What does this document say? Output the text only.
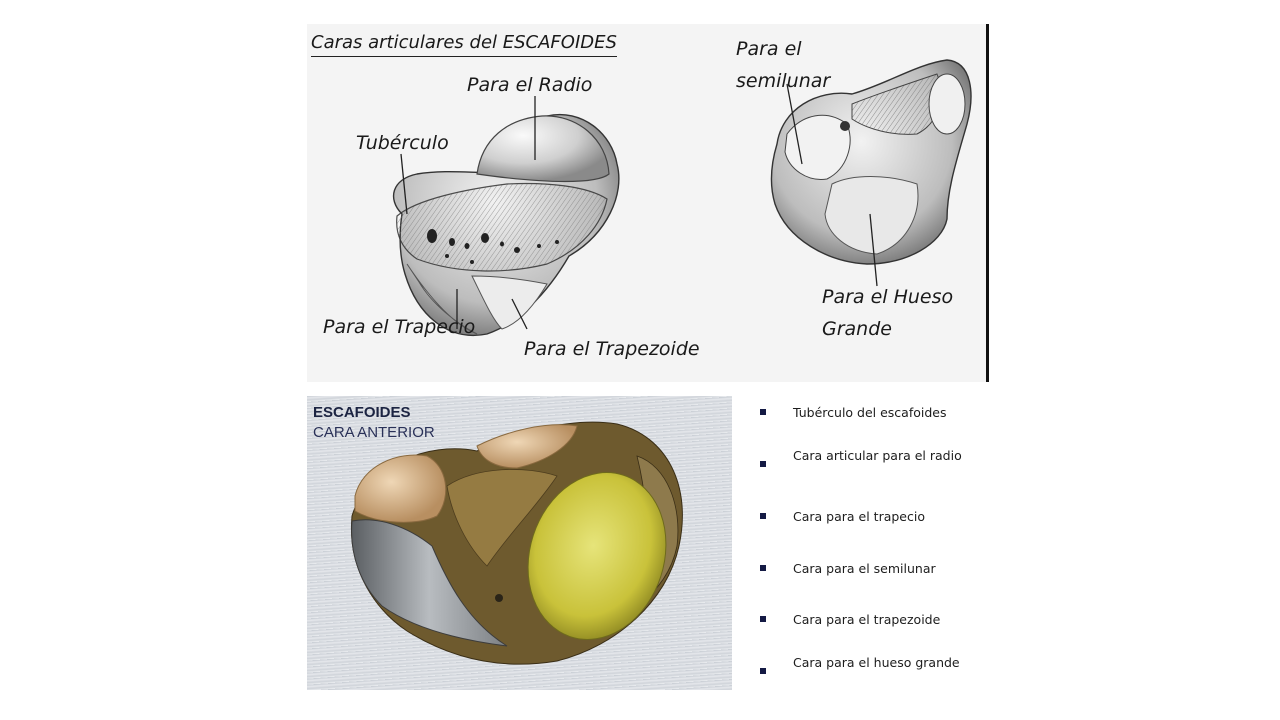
Caras articulares del ESCAFOIDES
Para el Radio
Tubérculo
Para el Trapecio
Para el Trapezoide
Para el
semilunar
Para el Hueso
Grande
ESCAFOIDES
CARA ANTERIOR
Tubérculo del escafoides
Cara articular para el radio
Cara para el trapecio
Cara para el semilunar
Cara para el trapezoide
Cara para el hueso grande
